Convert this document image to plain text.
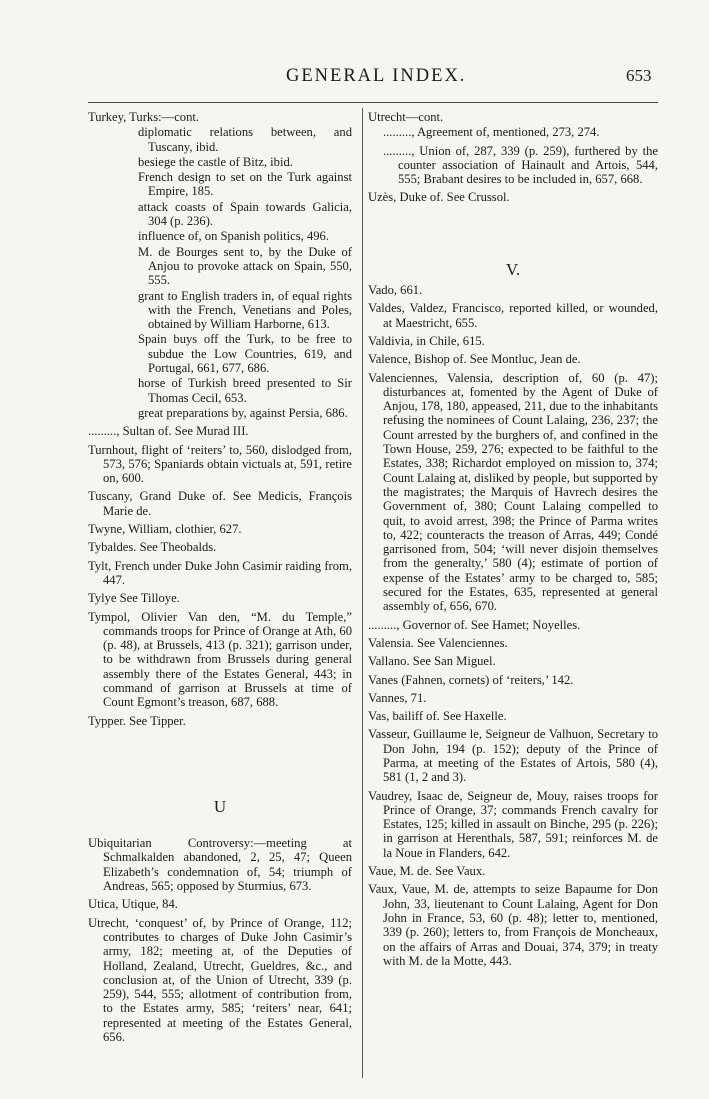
GENERAL INDEX.	653

Turkey, Turks:—cont.

diplomatic relations between, and Tuscany, ibid.

besiege the castle of Bitz, ibid.

French design to set on the Turk against Empire, 185.

attack coasts of Spain towards Galicia, 304 (p. 236).

influence of, on Spanish politics, 496.

M. de Bourges sent to, by the Duke of Anjou to provoke attack on Spain, 550, 555.

grant to English traders in, of equal rights with the French, Venetians and Poles, obtained by William Harborne, 613.

Spain buys off the Turk, to be free to subdue the Low Countries, 619, and Portugal, 661, 677, 686.

horse of Turkish breed presented to Sir Thomas Cecil, 653.

great preparations by, against Persia, 686.

........., Sultan of. See Murad III.

Turnhout, flight of ‘reiters’ to, 560, dislodged from, 573, 576; Spaniards obtain victuals at, 591, retire on, 600.

Tuscany, Grand Duke of. See Medicis, François Marie de.

Twyne, William, clothier, 627.

Tybaldes. See Theobalds.

Tylt, French under Duke John Casimir raiding from, 447.

Tylye See Tilloye.

Tympol, Olivier Van den, “M. du Temple,” commands troops for Prince of Orange at Ath, 60 (p. 48), at Brussels, 413 (p. 321); garrison under, to be withdrawn from Brussels during general assembly there of the Estates General, 443; in command of garrison at Brussels at time of Count Egmont’s treason, 687, 688.

Typper. See Tipper.

U

Ubiquitarian Controversy:—meeting at Schmalkalden abandoned, 2, 25, 47; Queen Elizabeth’s condemnation of, 54; triumph of Andreas, 565; opposed by Sturmius, 673.

Utica, Utique, 84.

Utrecht, ‘conquest’ of, by Prince of Orange, 112; contributes to charges of Duke John Casimir’s army, 182; meeting at, of the Deputies of Holland, Zealand, Utrecht, Gueldres, &c., and conclusion at, of the Union of Utrecht, 339 (p. 259), 544, 555; allotment of contribution from, to the Estates army, 585; ‘reiters’ near, 641; represented at meeting of the Estates General, 656.

Utrecht—cont.

........., Agreement of, mentioned, 273, 274.

........., Union of, 287, 339 (p. 259), furthered by the counter association of Hainault and Artois, 544, 555; Brabant desires to be included in, 657, 668.

Uzès, Duke of. See Crussol.

V.

Vado, 661.

Valdes, Valdez, Francisco, reported killed, or wounded, at Maestricht, 655.

Valdivia, in Chile, 615.

Valence, Bishop of. See Montluc, Jean de.

Valenciennes, Valensia, description of, 60 (p. 47); disturbances at, fomented by the Agent of Duke of Anjou, 178, 180, appeased, 211, due to the inhabitants refusing the nominees of Count Lalaing, 236, 237; the Count arrested by the burghers of, and confined in the Town House, 259, 276; expected to be faithful to the Estates, 338; Richardot employed on mission to, 374; Count Lalaing at, disliked by people, but supported by the magistrates; the Marquis of Havrech desires the Government of, 380; Count Lalaing compelled to quit, to avoid arrest, 398; the Prince of Parma writes to, 422; counteracts the treason of Arras, 449; Condé garrisoned from, 504; ‘will never disjoin themselves from the generalty,’ 580 (4); estimate of portion of expense of the Estates’ army to be charged to, 585; secured for the Estates, 635, represented at general assembly of, 656, 670.

........., Governor of. See Hamet; Noyelles.

Valensia. See Valenciennes.

Vallano. See San Miguel.

Vanes (Fahnen, cornets) of ‘reiters,’ 142.

Vannes, 71.

Vas, bailiff of. See Haxelle.

Vasseur, Guillaume le, Seigneur de Valhuon, Secretary to Don John, 194 (p. 152); deputy of the Prince of Parma, at meeting of the Estates of Artois, 580 (4), 581 (1, 2 and 3).

Vaudrey, Isaac de, Seigneur de, Mouy, raises troops for Prince of Orange, 37; commands French cavalry for Estates, 125; killed in assault on Binche, 295 (p. 226); in garrison at Herenthals, 587, 591; reinforces M. de la Noue in Flanders, 642.

Vaue, M. de. See Vaux.

Vaux, Vaue, M. de, attempts to seize Bapaume for Don John, 33, lieutenant to Count Lalaing, Agent for Don John in France, 53, 60 (p. 48); letter to, mentioned, 339 (p. 260); letters to, from François de Moncheaux, on the affairs of Arras and Douai, 374, 379; in treaty with M. de la Motte, 443.
